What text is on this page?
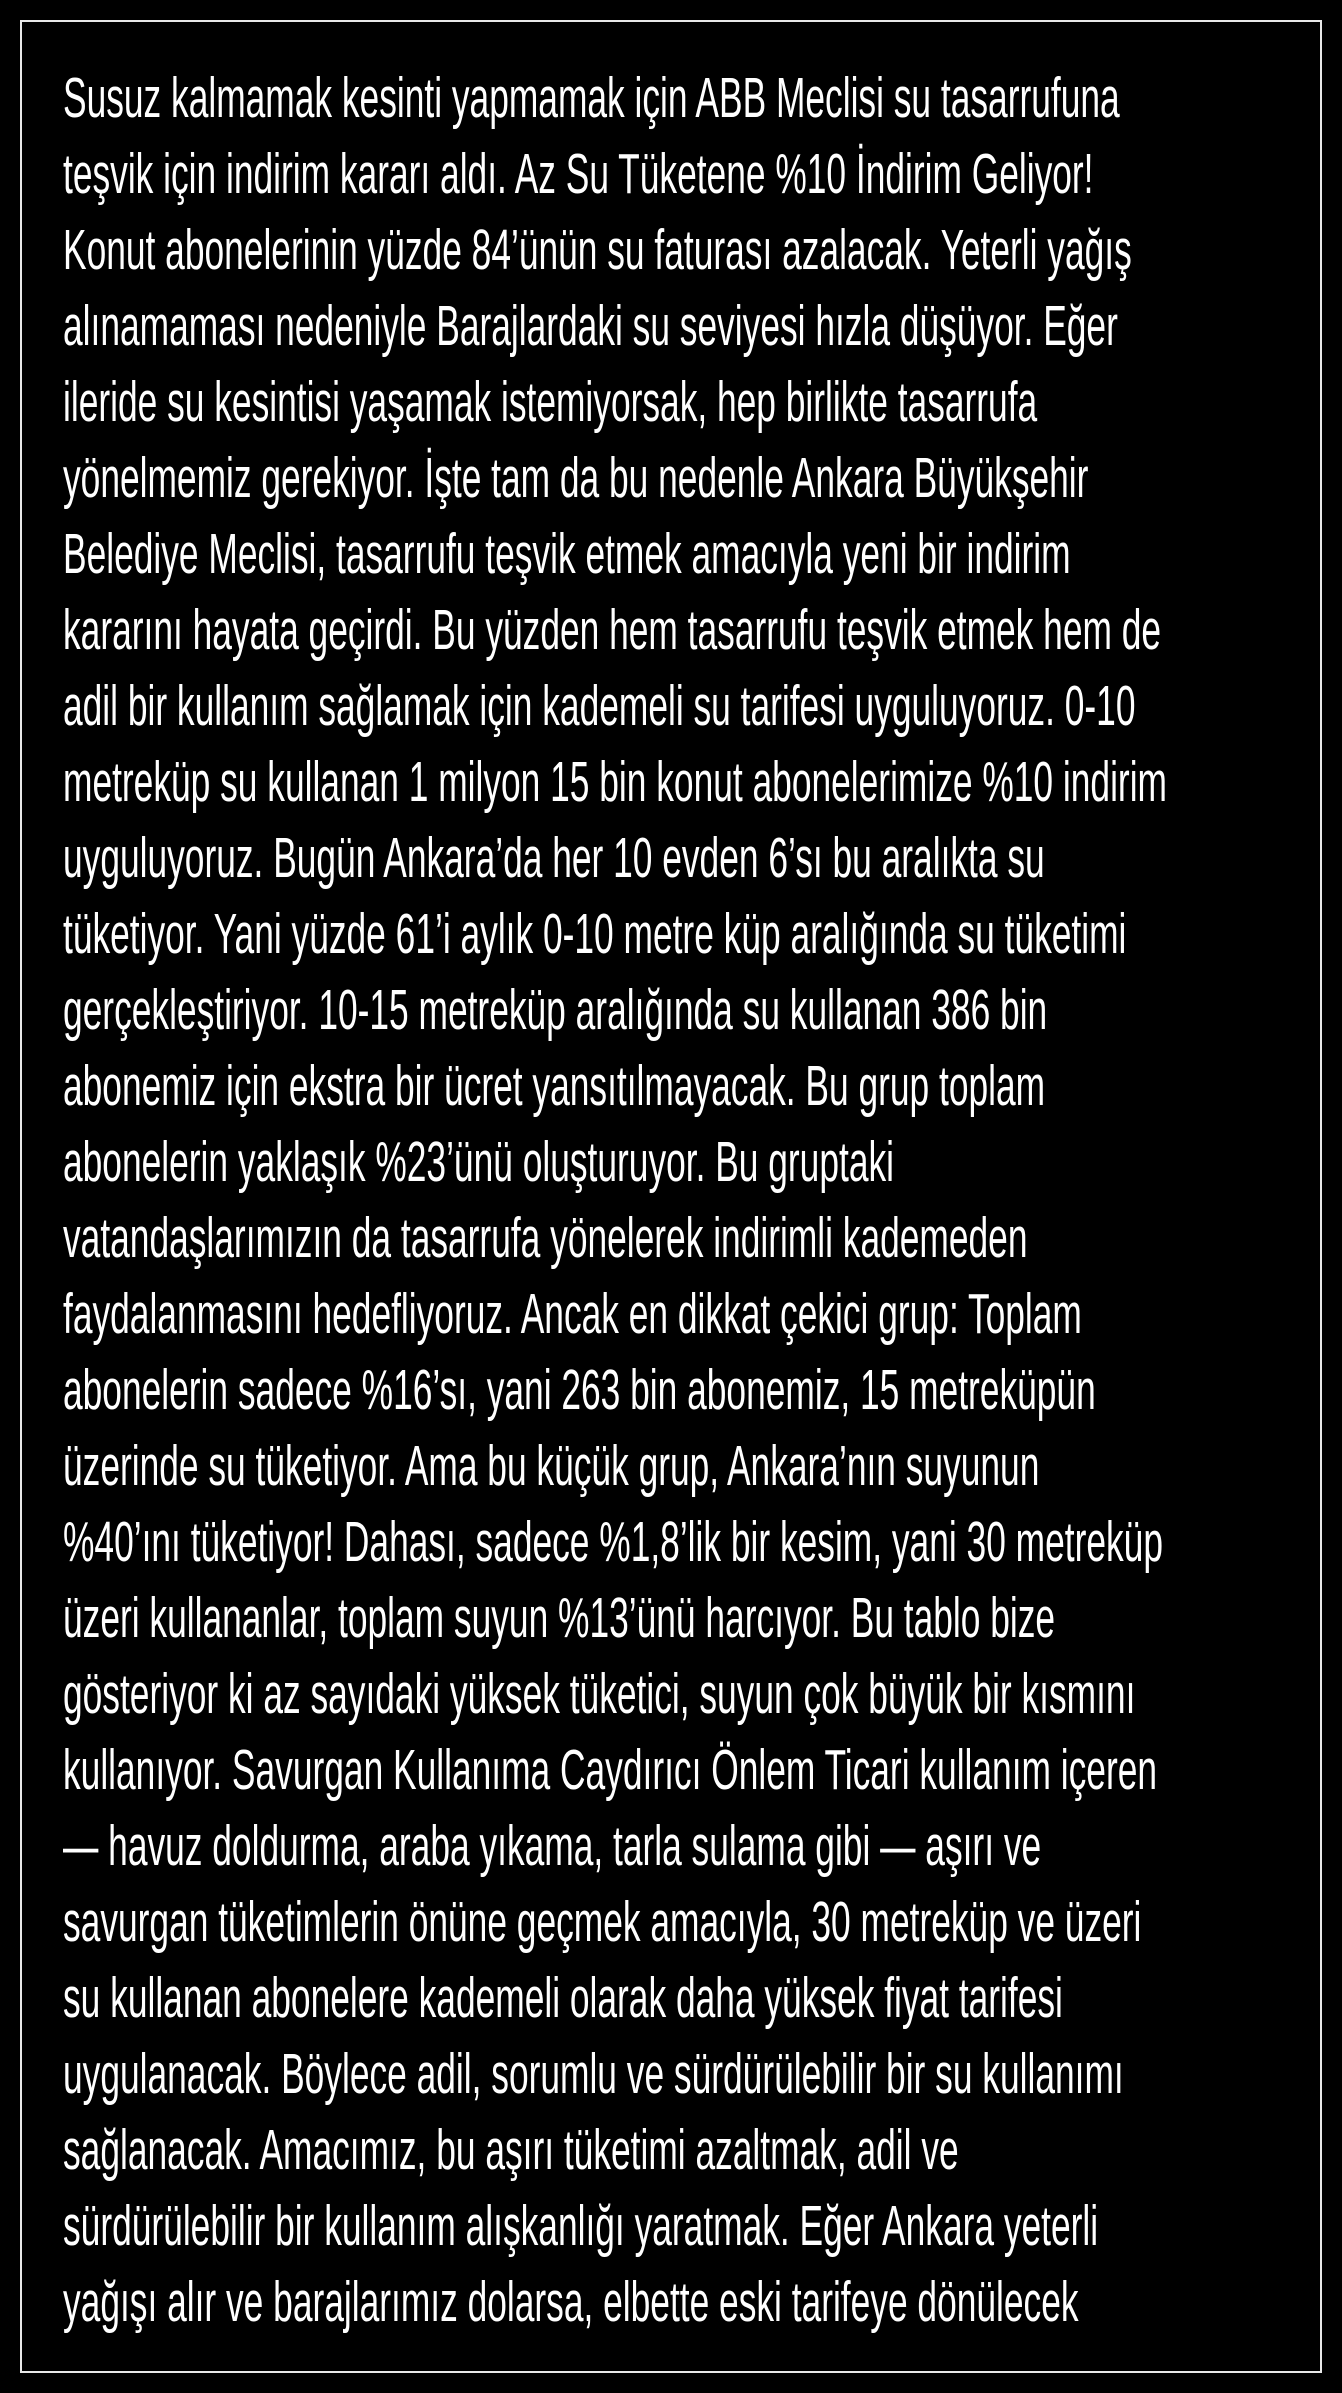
Susuz kalmamak kesinti yapmamak için ABB Meclisi su tasarrufuna
teşvik için indirim kararı aldı. Az Su Tüketene %10 İndirim Geliyor!
Konut abonelerinin yüzde 84’ünün su faturası azalacak. Yeterli yağış
alınamaması nedeniyle Barajlardaki su seviyesi hızla düşüyor. Eğer
ileride su kesintisi yaşamak istemiyorsak, hep birlikte tasarrufa
yönelmemiz gerekiyor. İşte tam da bu nedenle Ankara Büyükşehir
Belediye Meclisi, tasarrufu teşvik etmek amacıyla yeni bir indirim
kararını hayata geçirdi. Bu yüzden hem tasarrufu teşvik etmek hem de
adil bir kullanım sağlamak için kademeli su tarifesi uyguluyoruz. 0-10
metreküp su kullanan 1 milyon 15 bin konut abonelerimize %10 indirim
uyguluyoruz. Bugün Ankara’da her 10 evden 6’sı bu aralıkta su
tüketiyor. Yani yüzde 61’i aylık 0-10 metre küp aralığında su tüketimi
gerçekleştiriyor. 10-15 metreküp aralığında su kullanan 386 bin
abonemiz için ekstra bir ücret yansıtılmayacak. Bu grup toplam
abonelerin yaklaşık %23’ünü oluşturuyor. Bu gruptaki
vatandaşlarımızın da tasarrufa yönelerek indirimli kademeden
faydalanmasını hedefliyoruz. Ancak en dikkat çekici grup: Toplam
abonelerin sadece %16’sı, yani 263 bin abonemiz, 15 metreküpün
üzerinde su tüketiyor. Ama bu küçük grup, Ankara’nın suyunun
%40’ını tüketiyor! Dahası, sadece %1,8’lik bir kesim, yani 30 metreküp
üzeri kullananlar, toplam suyun %13’ünü harcıyor. Bu tablo bize
gösteriyor ki az sayıdaki yüksek tüketici, suyun çok büyük bir kısmını
kullanıyor. Savurgan Kullanıma Caydırıcı Önlem Ticari kullanım içeren
— havuz doldurma, araba yıkama, tarla sulama gibi — aşırı ve
savurgan tüketimlerin önüne geçmek amacıyla, 30 metreküp ve üzeri
su kullanan abonelere kademeli olarak daha yüksek fiyat tarifesi
uygulanacak. Böylece adil, sorumlu ve sürdürülebilir bir su kullanımı
sağlanacak. Amacımız, bu aşırı tüketimi azaltmak, adil ve
sürdürülebilir bir kullanım alışkanlığı yaratmak. Eğer Ankara yeterli
yağışı alır ve barajlarımız dolarsa, elbette eski tarifeye dönülecek
